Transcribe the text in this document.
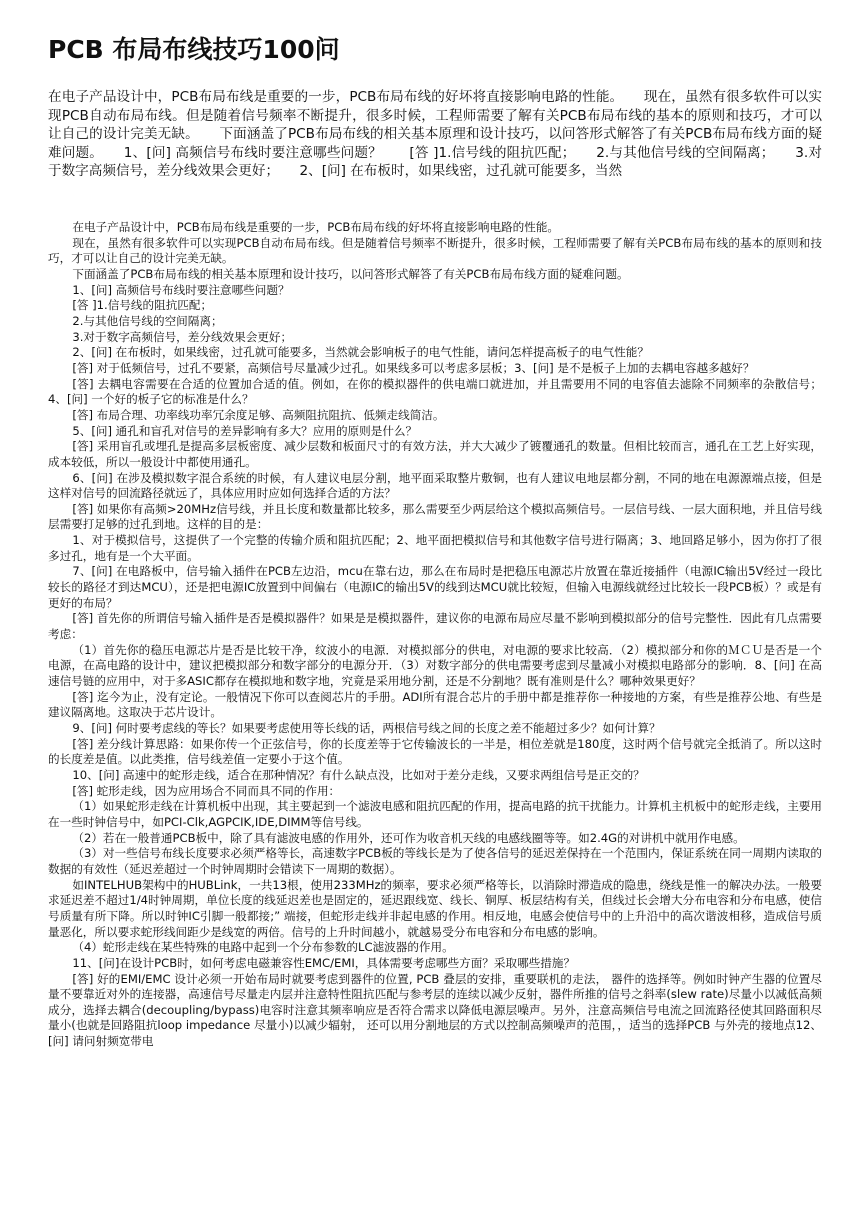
PCB 布局布线技巧100问

在电子产品设计中，PCB布局布线是重要的一步，PCB布局布线的好坏将直接影响电路的性能。　　现在，虽然有很多软件可以实现PCB自动布局布线。但是随着信号频率不断提升，很多时候，工程师需要了解有关PCB布局布线的基本的原则和技巧，才可以让自己的设计完美无缺。　　下面涵盖了PCB布局布线的相关基本原理和设计技巧，以问答形式解答了有关PCB布局布线方面的疑难问题。　　1、[问] 高频信号布线时要注意哪些问题？　　[答 ]1.信号线的阻抗匹配；　　2.与其他信号线的空间隔离；　　3.对于数字高频信号，差分线效果会更好；　　2、[问] 在布板时，如果线密，过孔就可能要多，当然

在电子产品设计中，PCB布局布线是重要的一步，PCB布局布线的好坏将直接影响电路的性能。

现在，虽然有很多软件可以实现PCB自动布局布线。但是随着信号频率不断提升，很多时候，工程师需要了解有关PCB布局布线的基本的原则和技巧，才可以让自己的设计完美无缺。

下面涵盖了PCB布局布线的相关基本原理和设计技巧，以问答形式解答了有关PCB布局布线方面的疑难问题。

1、[问] 高频信号布线时要注意哪些问题？

[答 ]1.信号线的阻抗匹配；

2.与其他信号线的空间隔离；

3.对于数字高频信号，差分线效果会更好；

2、[问] 在布板时，如果线密，过孔就可能要多，当然就会影响板子的电气性能，请问怎样提高板子的电气性能？

[答] 对于低频信号，过孔不要紧，高频信号尽量减少过孔。如果线多可以考虑多层板；3、[问] 是不是板子上加的去耦电容越多越好？

[答] 去耦电容需要在合适的位置加合适的值。例如，在你的模拟器件的供电端口就进加，并且需要用不同的电容值去滤除不同频率的杂散信号；4、[问] 一个好的板子它的标准是什么？

[答] 布局合理、功率线功率冗余度足够、高频阻抗阻抗、低频走线简洁。

5、[问] 通孔和盲孔对信号的差异影响有多大？应用的原则是什么？

[答] 采用盲孔或埋孔是提高多层板密度、减少层数和板面尺寸的有效方法，并大大减少了镀覆通孔的数量。但相比较而言，通孔在工艺上好实现，成本较低，所以一般设计中都使用通孔。

6、[问] 在涉及模拟数字混合系统的时候，有人建议电层分割，地平面采取整片敷铜，也有人建议电地层都分割，不同的地在电源源端点接，但是这样对信号的回流路径就远了，具体应用时应如何选择合适的方法？

[答] 如果你有高频>20MHz信号线，并且长度和数量都比较多，那么需要至少两层给这个模拟高频信号。一层信号线、一层大面积地，并且信号线层需要打足够的过孔到地。这样的目的是：

1、对于模拟信号，这提供了一个完整的传输介质和阻抗匹配；2、地平面把模拟信号和其他数字信号进行隔离；3、地回路足够小，因为你打了很多过孔，地有是一个大平面。

7、[问] 在电路板中，信号输入插件在PCB左边沿，mcu在靠右边，那么在布局时是把稳压电源芯片放置在靠近接插件（电源IC输出5V经过一段比较长的路径才到达MCU），还是把电源IC放置到中间偏右（电源IC的输出5V的线到达MCU就比较短，但输入电源线就经过比较长一段PCB板）？或是有更好的布局？

[答] 首先你的所谓信号输入插件是否是模拟器件？如果是是模拟器件，建议你的电源布局应尽量不影响到模拟部分的信号完整性．因此有几点需要考虑：

（1）首先你的稳压电源芯片是否是比较干净，纹波小的电源．对模拟部分的供电，对电源的要求比较高．（2）模拟部分和你的ＭＣＵ是否是一个电源，在高电路的设计中，建议把模拟部分和数字部分的电源分开．（3）对数字部分的供电需要考虑到尽量减小对模拟电路部分的影响．8、[问] 在高速信号链的应用中，对于多ASIC都存在模拟地和数字地，究竟是采用地分割，还是不分割地？既有准则是什么？哪种效果更好？

[答] 迄今为止，没有定论。一般情况下你可以查阅芯片的手册。ADI所有混合芯片的手册中都是推荐你一种接地的方案，有些是推荐公地、有些是建议隔离地。这取决于芯片设计。

9、[问] 何时要考虑线的等长？如果要考虑使用等长线的话，两根信号线之间的长度之差不能超过多少？如何计算？

[答] 差分线计算思路：如果你传一个正弦信号，你的长度差等于它传输波长的一半是，相位差就是180度，这时两个信号就完全抵消了。所以这时的长度差是值。以此类推，信号线差值一定要小于这个值。

10、[问] 高速中的蛇形走线，适合在那种情况？有什么缺点没，比如对于差分走线，又要求两组信号是正交的？

[答] 蛇形走线，因为应用场合不同而具不同的作用：

（1）如果蛇形走线在计算机板中出现，其主要起到一个滤波电感和阻抗匹配的作用，提高电路的抗干扰能力。计算机主机板中的蛇形走线，主要用在一些时钟信号中，如PCI-Clk,AGPCIK,IDE,DIMM等信号线。

（2）若在一般普通PCB板中，除了具有滤波电感的作用外，还可作为收音机天线的电感线圈等等。如2.4G的对讲机中就用作电感。

（3）对一些信号布线长度要求必须严格等长，高速数字PCB板的等线长是为了使各信号的延迟差保持在一个范围内，保证系统在同一周期内读取的数据的有效性（延迟差超过一个时钟周期时会错读下一周期的数据）。

如INTELHUB架构中的HUBLink，一共13根，使用233MHz的频率，要求必须严格等长，以消除时滞造成的隐患，绕线是惟一的解决办法。一般要求延迟差不超过1/4时钟周期，单位长度的线延迟差也是固定的，延迟跟线宽、线长、铜厚、板层结构有关，但线过长会增大分布电容和分布电感，使信号质量有所下降。所以时钟IC引脚一般都接;” 端接，但蛇形走线并非起电感的作用。相反地，电感会使信号中的上升沿中的高次谐波相移，造成信号质量恶化，所以要求蛇形线间距少是线宽的两倍。信号的上升时间越小，就越易受分布电容和分布电感的影响。

（4）蛇形走线在某些特殊的电路中起到一个分布参数的LC滤波器的作用。

11、[问]在设计PCB时，如何考虑电磁兼容性EMC/EMI，具体需要考虑哪些方面？采取哪些措施？

[答] 好的EMI/EMC 设计必须一开始布局时就要考虑到器件的位置, PCB 叠层的安排，重要联机的走法， 器件的选择等。例如时钟产生器的位置尽量不要靠近对外的连接器，高速信号尽量走内层并注意特性阻抗匹配与参考层的连续以减少反射，器件所推的信号之斜率(slew rate)尽量小以减低高频成分，选择去耦合(decoupling/bypass)电容时注意其频率响应是否符合需求以降低电源层噪声。另外，注意高频信号电流之回流路径使其回路面积尽量小(也就是回路阻抗loop impedance 尽量小)以减少辐射， 还可以用分割地层的方式以控制高频噪声的范围，，适当的选择PCB 与外壳的接地点12、[问] 请问射频宽带电
